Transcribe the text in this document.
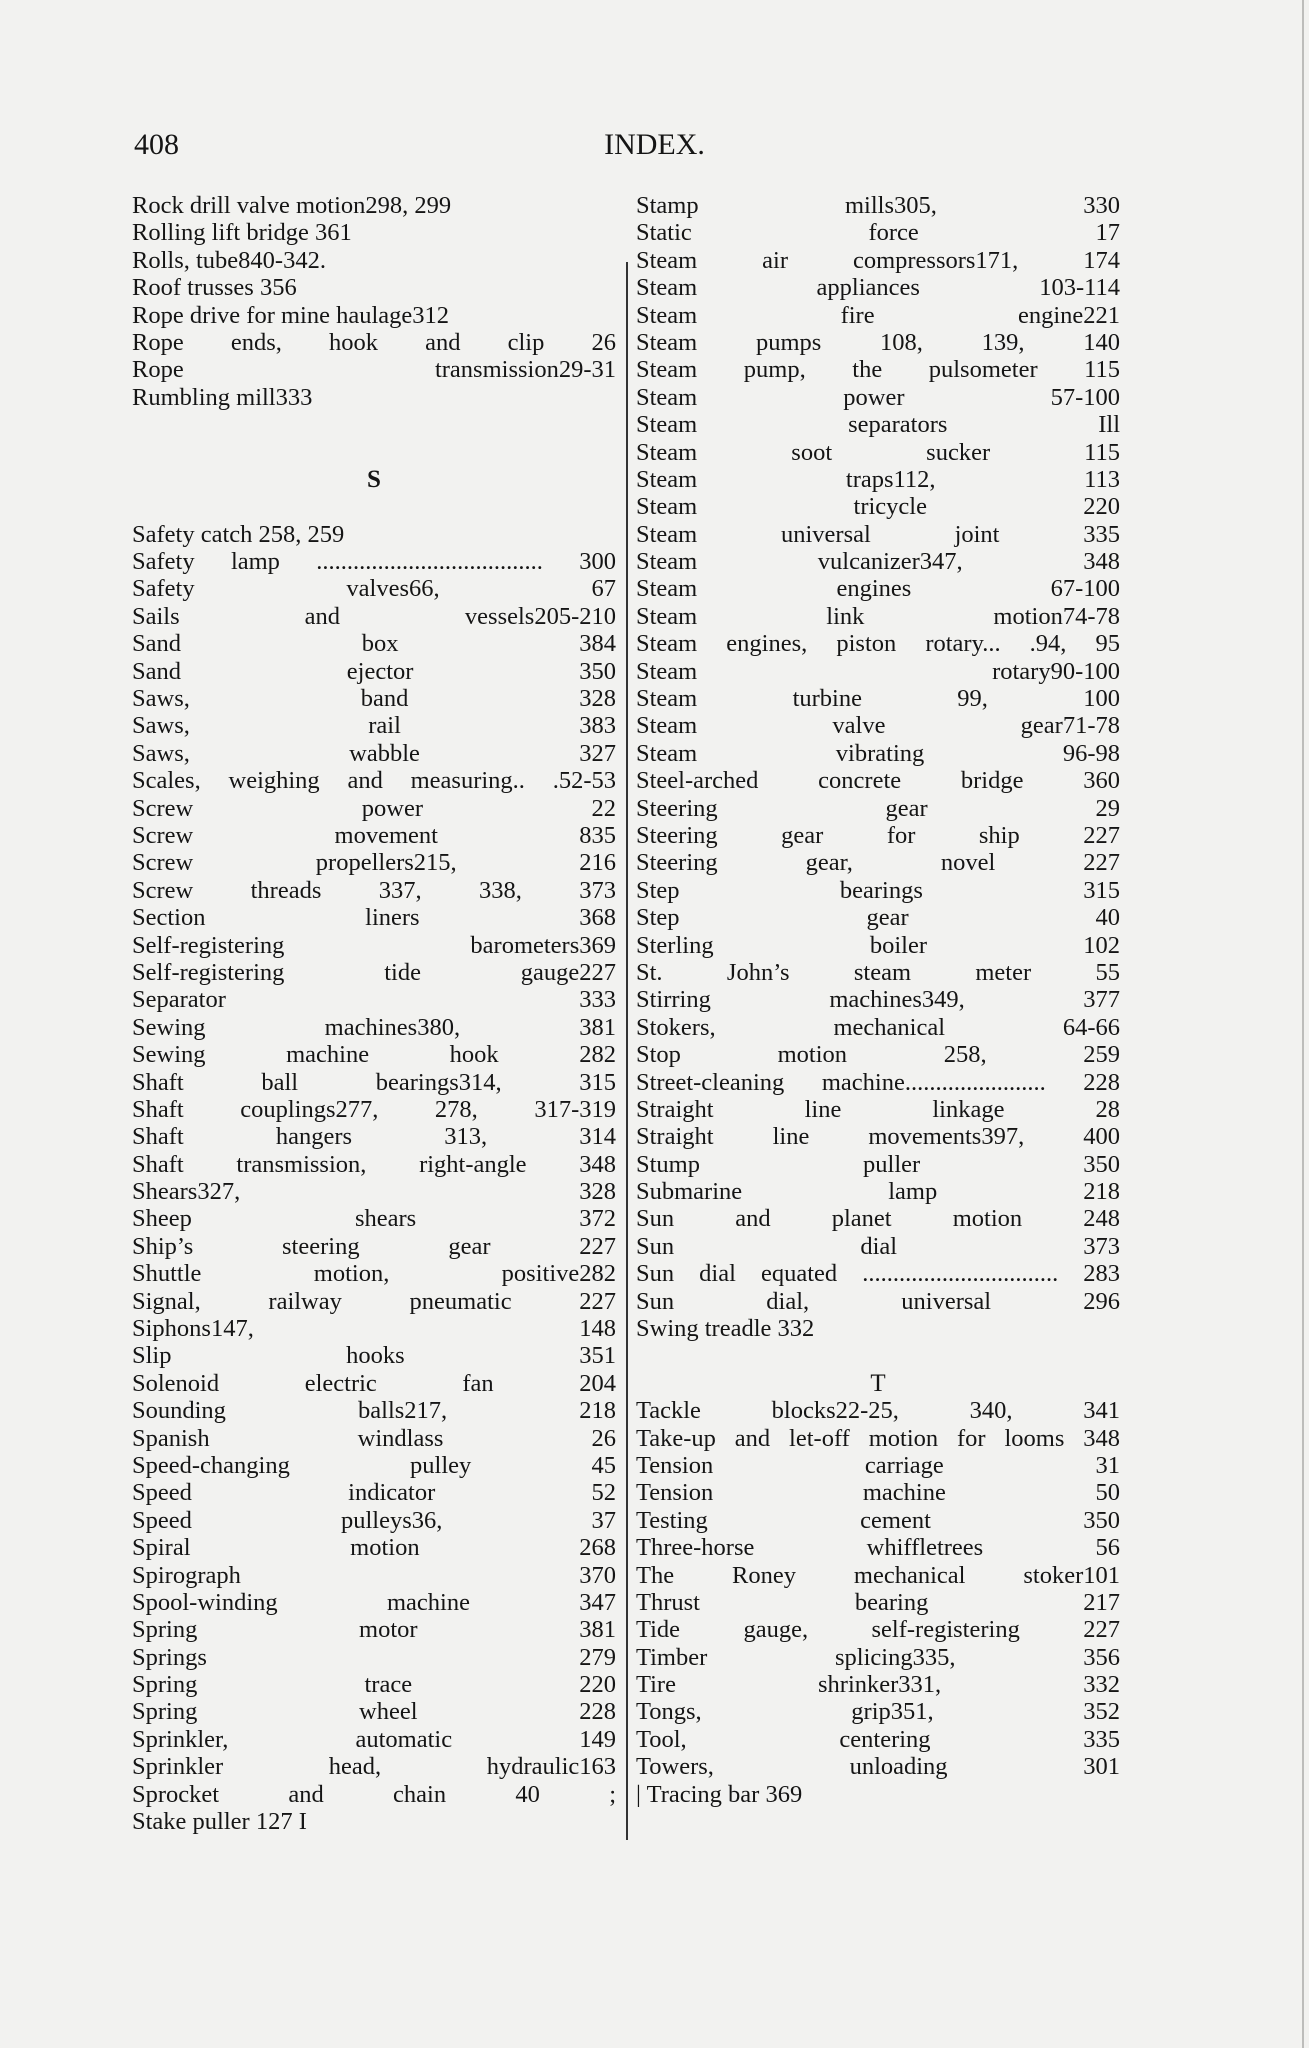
408	INDEX.
Rock drill valve motion298, 299
Rolling lift bridge 361
Rolls, tube840-342.
Roof trusses 356
Rope drive for mine haulage312
Rope ends, hook and clip 26
Rope transmission29-31
Rumbling mill333
S
Safety catch 258, 259
Safety lamp ..................................... 300
Safety valves66, 67
Sails and vessels205-210
Sand box 384
Sand ejector 350
Saws, band 328
Saws, rail 383
Saws, wabble 327
Scales, weighing and measuring.. .52-53
Screw power 22
Screw movement 835
Screw propellers215, 216
Screw threads 337, 338, 373
Section liners 368
Self-registering barometers369
Self-registering tide gauge227
Separator 333
Sewing machines380, 381
Sewing machine hook 282
Shaft ball bearings314, 315
Shaft couplings277, 278, 317-319
Shaft hangers 313, 314
Shaft transmission, right-angle 348
Shears327, 328
Sheep shears 372
Ship’s steering gear 227
Shuttle motion, positive282
Signal, railway pneumatic 227
Siphons147, 148
Slip hooks 351
Solenoid electric fan 204
Sounding balls217, 218
Spanish windlass 26
Speed-changing pulley 45
Speed indicator 52
Speed pulleys36, 37
Spiral motion 268
Spirograph 370
Spool-winding machine 347
Spring motor 381
Springs 279
Spring trace 220
Spring wheel 228
Sprinkler, automatic 149
Sprinkler head, hydraulic163
Sprocket and chain 40 ;
Stake puller 127 I
Stamp mills305, 330
Static force 17
Steam air compressors171, 174
Steam appliances 103-114
Steam fire engine221
Steam pumps 108, 139, 140
Steam pump, the pulsometer 115
Steam power 57-100
Steam separators Ill
Steam soot sucker 115
Steam traps112, 113
Steam tricycle 220
Steam universal joint 335
Steam vulcanizer347, 348
Steam engines 67-100
Steam link motion74-78
Steam engines, piston rotary... .94, 95
Steam rotary90-100
Steam turbine 99, 100
Steam valve gear71-78
Steam vibrating 96-98
Steel-arched concrete bridge 360
Steering gear 29
Steering gear for ship 227
Steering gear, novel 227
Step bearings 315
Step gear 40
Sterling boiler 102
St. John’s steam meter 55
Stirring machines349, 377
Stokers, mechanical 64-66
Stop motion 258, 259
Street-cleaning machine....................... 228
Straight line linkage 28
Straight line movements397, 400
Stump puller 350
Submarine lamp 218
Sun and planet motion 248
Sun dial 373
Sun dial equated ................................ 283
Sun dial, universal 296
Swing treadle 332
T
Tackle blocks22-25, 340, 341
Take-up and let-off motion for looms 348
Tension carriage 31
Tension machine 50
Testing cement 350
Three-horse whiffletrees 56
The Roney mechanical stoker101
Thrust bearing 217
Tide gauge, self-registering 227
Timber splicing335, 356
Tire shrinker331, 332
Tongs, grip351, 352
Tool, centering 335
Towers, unloading 301
| Tracing bar 369
